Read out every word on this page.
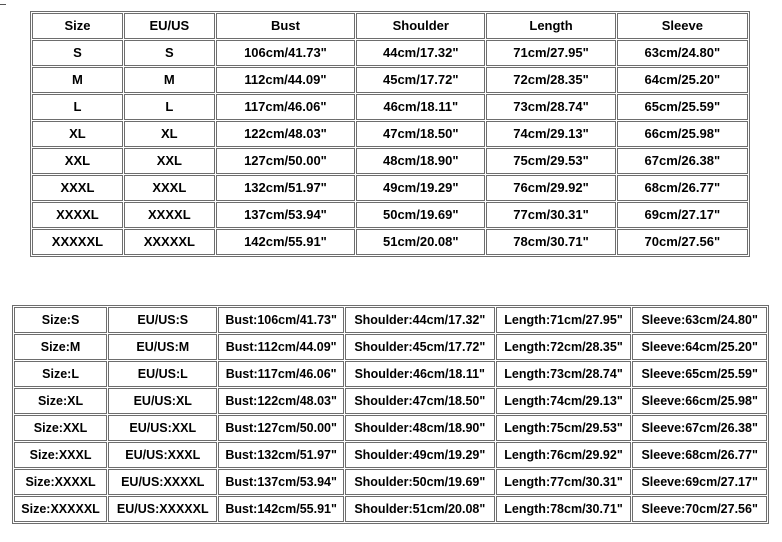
Size	EU/US	Bust	Shoulder	Length	Sleeve
S	S	106cm/41.73"	44cm/17.32"	71cm/27.95"	63cm/24.80"
M	M	112cm/44.09"	45cm/17.72"	72cm/28.35"	64cm/25.20"
L	L	117cm/46.06"	46cm/18.11"	73cm/28.74"	65cm/25.59"
XL	XL	122cm/48.03"	47cm/18.50"	74cm/29.13"	66cm/25.98"
XXL	XXL	127cm/50.00"	48cm/18.90"	75cm/29.53"	67cm/26.38"
XXXL	XXXL	132cm/51.97"	49cm/19.29"	76cm/29.92"	68cm/26.77"
XXXXL	XXXXL	137cm/53.94"	50cm/19.69"	77cm/30.31"	69cm/27.17"
XXXXXL	XXXXXL	142cm/55.91"	51cm/20.08"	78cm/30.71"	70cm/27.56"
Size:S	EU/US:S	Bust:106cm/41.73"	Shoulder:44cm/17.32"	Length:71cm/27.95"	Sleeve:63cm/24.80"
Size:M	EU/US:M	Bust:112cm/44.09"	Shoulder:45cm/17.72"	Length:72cm/28.35"	Sleeve:64cm/25.20"
Size:L	EU/US:L	Bust:117cm/46.06"	Shoulder:46cm/18.11"	Length:73cm/28.74"	Sleeve:65cm/25.59"
Size:XL	EU/US:XL	Bust:122cm/48.03"	Shoulder:47cm/18.50"	Length:74cm/29.13"	Sleeve:66cm/25.98"
Size:XXL	EU/US:XXL	Bust:127cm/50.00"	Shoulder:48cm/18.90"	Length:75cm/29.53"	Sleeve:67cm/26.38"
Size:XXXL	EU/US:XXXL	Bust:132cm/51.97"	Shoulder:49cm/19.29"	Length:76cm/29.92"	Sleeve:68cm/26.77"
Size:XXXXL	EU/US:XXXXL	Bust:137cm/53.94"	Shoulder:50cm/19.69"	Length:77cm/30.31"	Sleeve:69cm/27.17"
Size:XXXXXL	EU/US:XXXXXL	Bust:142cm/55.91"	Shoulder:51cm/20.08"	Length:78cm/30.71"	Sleeve:70cm/27.56"
